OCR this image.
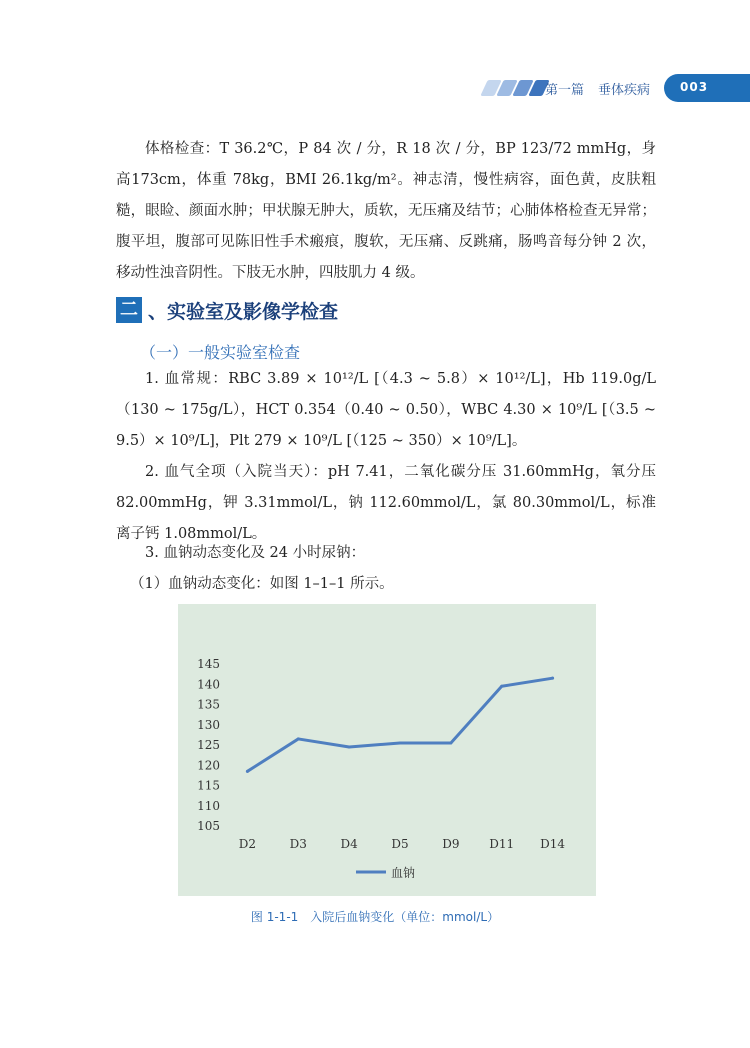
第一篇 垂体疾病 003

体格检查：T 36.2℃，P 84 次 / 分，R 18 次 / 分，BP 123/72 mmHg，身高173cm，体重 78kg，BMI 26.1kg/m²。神志清，慢性病容，面色黄，皮肤粗糙，眼睑、颜面水肿；甲状腺无肿大，质软，无压痛及结节；心肺体格检查无异常；腹平坦，腹部可见陈旧性手术瘢痕，腹软，无压痛、反跳痛，肠鸣音每分钟 2 次，移动性浊音阴性。下肢无水肿，四肢肌力 4 级。

二 、实验室及影像学检查
（一）一般实验室检查

1. 血常规：RBC 3.89 × 10¹²/L [（4.3 ~ 5.8）× 10¹²/L]，Hb 119.0g/L（130 ~ 175g/L），HCT 0.354（0.40 ~ 0.50），WBC 4.30 × 10⁹/L [（3.5 ~ 9.5）× 10⁹/L]，Plt 279 × 10⁹/L [（125 ~ 350）× 10⁹/L]。

2. 血气全项（入院当天）：pH 7.41，二氧化碳分压 31.60mmHg，氧分压 82.00mmHg，钾 3.31mmol/L，钠 112.60mmol/L，氯 80.30mmol/L，标准离子钙 1.08mmol/L。

3. 血钠动态变化及 24 小时尿钠：

（1）血钠动态变化：如图 1–1–1 所示。

105
110
115
120
125
130
135
140
145
D2	D3	D4	D5	D9 D11 D14
血钠
图 1-1-1 入院后血钠变化（单位：mmol/L）
